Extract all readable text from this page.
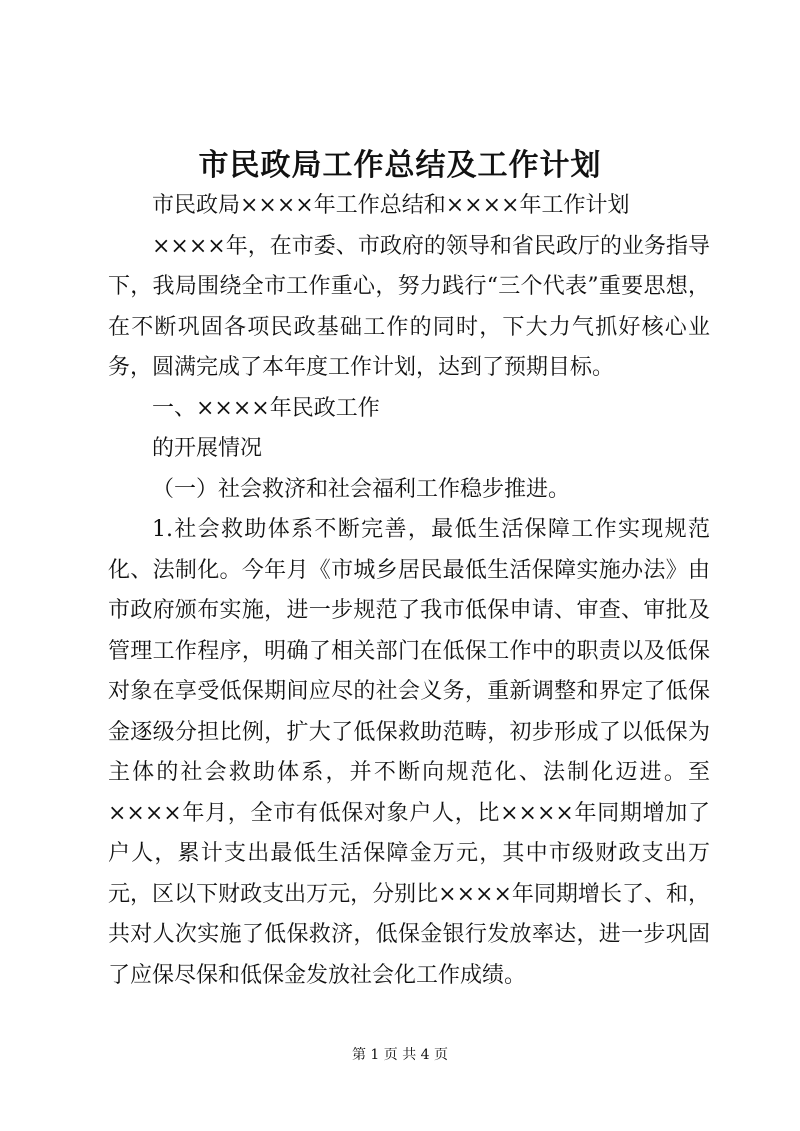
市民政局工作总结及工作计划

市民政局××××年工作总结和××××年工作计划

××××年，在市委、市政府的领导和省民政厅的业务指导下，我局围绕全市工作重心，努力践行“三个代表”重要思想，在不断巩固各项民政基础工作的同时，下大力气抓好核心业务，圆满完成了本年度工作计划，达到了预期目标。

一、××××年民政工作

的开展情况

（一）社会救济和社会福利工作稳步推进。

1.社会救助体系不断完善，最低生活保障工作实现规范化、法制化。今年月《市城乡居民最低生活保障实施办法》由市政府颁布实施，进一步规范了我市低保申请、审查、审批及管理工作程序，明确了相关部门在低保工作中的职责以及低保对象在享受低保期间应尽的社会义务，重新调整和界定了低保金逐级分担比例，扩大了低保救助范畴，初步形成了以低保为主体的社会救助体系，并不断向规范化、法制化迈进。至××××年月，全市有低保对象户人，比××××年同期增加了户人，累计支出最低生活保障金万元，其中市级财政支出万元，区以下财政支出万元，分别比××××年同期增长了、和，共对人次实施了低保救济，低保金银行发放率达，进一步巩固了应保尽保和低保金发放社会化工作成绩。

第 1 页 共 4 页
